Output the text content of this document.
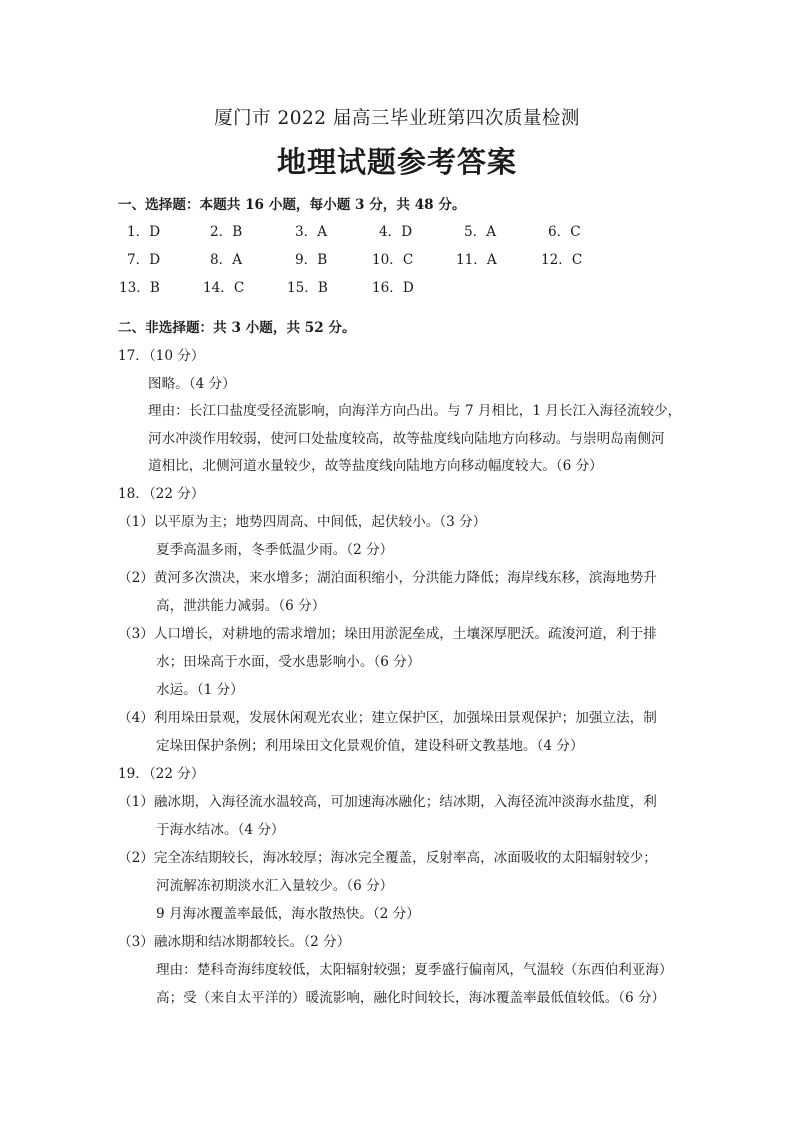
厦门市 2022 届高三毕业班第四次质量检测
地理试题参考答案
一、选择题：本题共 16 小题，每小题 3 分，共 48 分。
1．D	2．B	3．A	4．D	5．A	6．C
7．D	8．A	9．B	10．C	11．A	12．C
13．B	14．C	15．B	16．D
二、非选择题：共 3 小题，共 52 分。
17．（10 分）
图略。（4 分）
理由：长江口盐度受径流影响，向海洋方向凸出。与 7 月相比，1 月长江入海径流较少，
河水冲淡作用较弱，使河口处盐度较高，故等盐度线向陆地方向移动。与崇明岛南侧河
道相比，北侧河道水量较少，故等盐度线向陆地方向移动幅度较大。（6 分）
18．（22 分）
（1）以平原为主；地势四周高、中间低，起伏较小。（3 分）
夏季高温多雨，冬季低温少雨。（2 分）
（2）黄河多次溃决，来水增多；湖泊面积缩小，分洪能力降低；海岸线东移，滨海地势升
高，泄洪能力减弱。（6 分）
（3）人口增长，对耕地的需求增加；垛田用淤泥垒成，土壤深厚肥沃。疏浚河道，利于排
水；田垛高于水面，受水患影响小。（6 分）
水运。（1 分）
（4）利用垛田景观，发展休闲观光农业；建立保护区，加强垛田景观保护；加强立法，制
定垛田保护条例；利用垛田文化景观价值，建设科研文教基地。（4 分）
19．（22 分）
（1）融冰期，入海径流水温较高，可加速海冰融化；结冰期，入海径流冲淡海水盐度，利
于海水结冰。（4 分）
（2）完全冻结期较长，海冰较厚；海冰完全覆盖，反射率高，冰面吸收的太阳辐射较少；
河流解冻初期淡水汇入量较少。（6 分）
9 月海冰覆盖率最低，海水散热快。（2 分）
（3）融冰期和结冰期都较长。（2 分）
理由：楚科奇海纬度较低，太阳辐射较强；夏季盛行偏南风，气温较（东西伯利亚海）
高；受（来自太平洋的）暖流影响，融化时间较长，海冰覆盖率最低值较低。（6 分）
